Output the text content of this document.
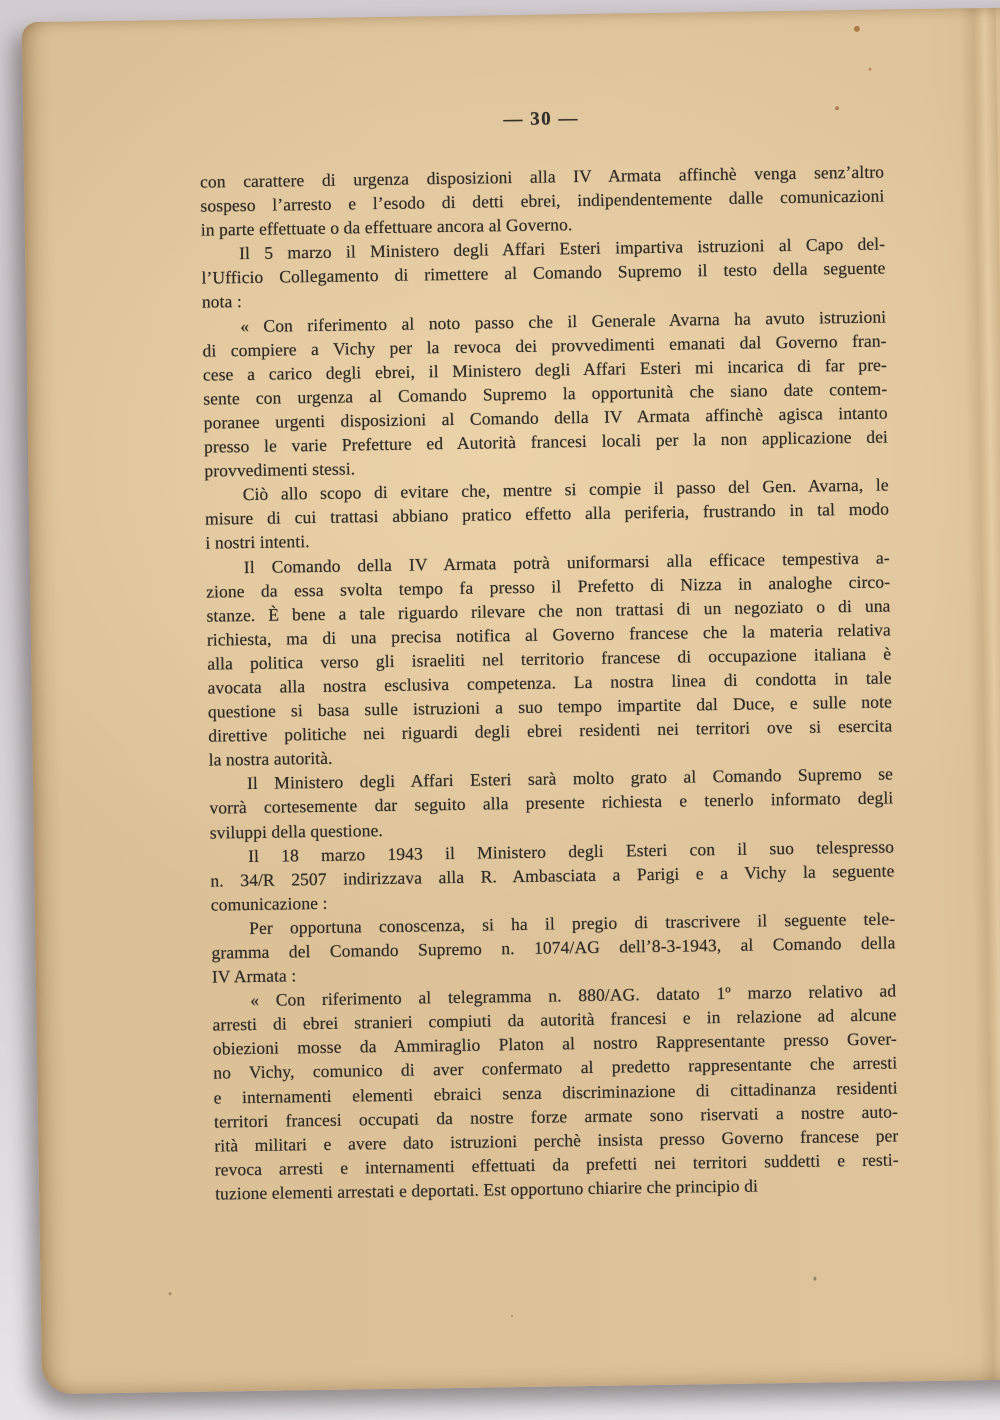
— 30 —
con carattere di urgenza disposizioni alla IV Armata affinchè venga senz’altro
sospeso l’arresto e l’esodo di detti ebrei, indipendentemente dalle comunicazioni
in parte effettuate o da effettuare ancora al Governo.
Il 5 marzo il Ministero degli Affari Esteri impartiva istruzioni al Capo del-
l’Ufficio Collegamento di rimettere al Comando Supremo il testo della seguente
nota :
« Con riferimento al noto passo che il Generale Avarna ha avuto istruzioni
di compiere a Vichy per la revoca dei provvedimenti emanati dal Governo fran-
cese a carico degli ebrei, il Ministero degli Affari Esteri mi incarica di far pre-
sente con urgenza al Comando Supremo la opportunità che siano date contem-
poranee urgenti disposizioni al Comando della IV Armata affinchè agisca intanto
presso le varie Prefetture ed Autorità francesi locali per la non applicazione dei
provvedimenti stessi.
Ciò allo scopo di evitare che, mentre si compie il passo del Gen. Avarna, le
misure di cui trattasi abbiano pratico effetto alla periferia, frustrando in tal modo
i nostri intenti.
Il Comando della IV Armata potrà uniformarsi alla efficace tempestiva a-
zione da essa svolta tempo fa presso il Prefetto di Nizza in analoghe circo-
stanze. È bene a tale riguardo rilevare che non trattasi di un negoziato o di una
richiesta, ma di una precisa notifica al Governo francese che la materia relativa
alla politica verso gli israeliti nel territorio francese di occupazione italiana è
avocata alla nostra esclusiva competenza. La nostra linea di condotta in tale
questione si basa sulle istruzioni a suo tempo impartite dal Duce, e sulle note
direttive politiche nei riguardi degli ebrei residenti nei territori ove si esercita
la nostra autorità.
Il Ministero degli Affari Esteri sarà molto grato al Comando Supremo se
vorrà cortesemente dar seguito alla presente richiesta e tenerlo informato degli
sviluppi della questione.
Il 18 marzo 1943 il Ministero degli Esteri con il suo telespresso
n. 34/R 2507 indirizzava alla R. Ambasciata a Parigi e a Vichy la seguente
comunicazione :
Per opportuna conoscenza, si ha il pregio di trascrivere il seguente tele-
gramma del Comando Supremo n. 1074/AG dell’8-3-1943, al Comando della
IV Armata :
« Con riferimento al telegramma n. 880/AG. datato 1º marzo relativo ad
arresti di ebrei stranieri compiuti da autorità francesi e in relazione ad alcune
obiezioni mosse da Ammiraglio Platon al nostro Rappresentante presso Gover-
no Vichy, comunico di aver confermato al predetto rappresentante che arresti
e internamenti elementi ebraici senza discriminazione di cittadinanza residenti
territori francesi occupati da nostre forze armate sono riservati a nostre auto-
rità militari e avere dato istruzioni perchè insista presso Governo francese per
revoca arresti e internamenti effettuati da prefetti nei territori suddetti e resti-
tuzione elementi arrestati e deportati. Est opportuno chiarire che principio di
